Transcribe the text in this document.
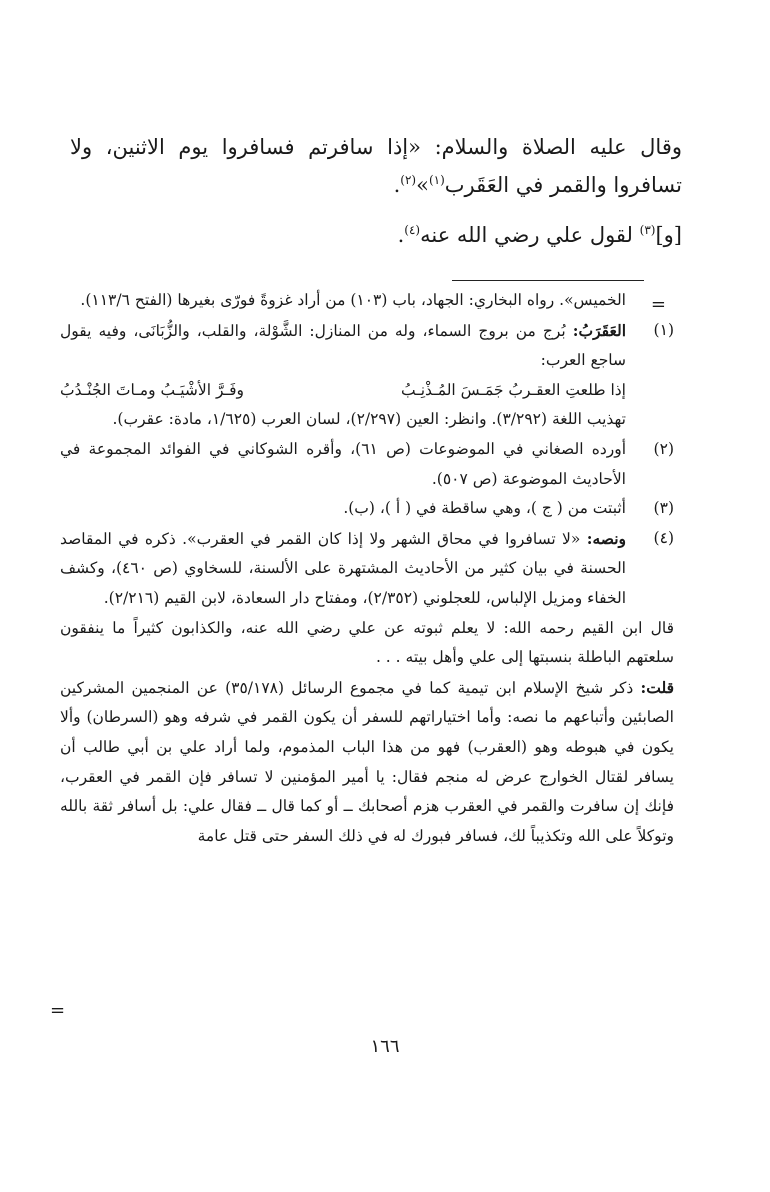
وقال عليه الصلاة والسلام: «إذا سافرتم فسافروا يوم الاثنين، ولا تسافروا والقمر في العَقَرب$^{(١)}$»$^{(٢)}$.

[و]$^{(٣)}$ لقول علي رضي الله عنه$^{(٤)}$.

=

الخميس». رواه البخاري: الجهاد، باب (١٠٣) من أراد غزوةً فورّى بغيرها (الفتح ١١٣/٦).

(١)

العَقَرَبُ: بُرج من بروج السماء، وله من المنازل: الشَّوْلة، والقلب، والزُّبَانَى، وفيه يقول ساجع العرب:

إذا طلعتِ العقـربُ جَمَـسَ المُـذْنِـبُ
وفَـرَّ الأشْيَـبُ ومـاتَ الجُنْـدُبُ

تهذيب اللغة (٣/٢٩٢). وانظر: العين (٢/٢٩٧)، لسان العرب (١/٦٢٥، مادة: عقرب).

(٢)

أورده الصغاني في الموضوعات (ص ٦١)، وأقره الشوكاني في الفوائد المجموعة في الأحاديث الموضوعة (ص ٥٠٧).

(٣)

أثبتت من ( ج )، وهي ساقطة في ( أ )، (ب).

(٤)

ونصه: «لا تسافروا في محاق الشهر ولا إذا كان القمر في العقرب». ذكره في المقاصد الحسنة في بيان كثير من الأحاديث المشتهرة على الألسنة، للسخاوي (ص ٤٦٠)، وكشف الخفاء ومزيل الإلباس، للعجلوني (٢/٣٥٢)، ومفتاح دار السعادة، لابن القيم (٢/٢١٦).

قال ابن القيم رحمه الله: لا يعلم ثبوته عن علي رضي الله عنه، والكذابون كثيراً ما ينفقون سلعتهم الباطلة بنسبتها إلى علي وأهل بيته . . .

قلت: ذكر شيخ الإسلام ابن تيمية كما في مجموع الرسائل (٣٥/١٧٨) عن المنجمين المشركين الصابئين وأتباعهم ما نصه: وأما اختياراتهم للسفر أن يكون القمر في شرفه وهو (السرطان) وألا يكون في هبوطه وهو (العقرب) فهو من هذا الباب المذموم، ولما أراد علي بن أبي طالب أن يسافر لقتال الخوارج عرض له منجم فقال: يا أمير المؤمنين لا تسافر فإن القمر في العقرب، فإنك إن سافرت والقمر في العقرب هزم أصحابك ــ أو كما قال ــ فقال علي: بل أسافر ثقة بالله وتوكلاً على الله وتكذيباً لك، فسافر فبورك له في ذلك السفر حتى قتل عامة

=
١٦٦
